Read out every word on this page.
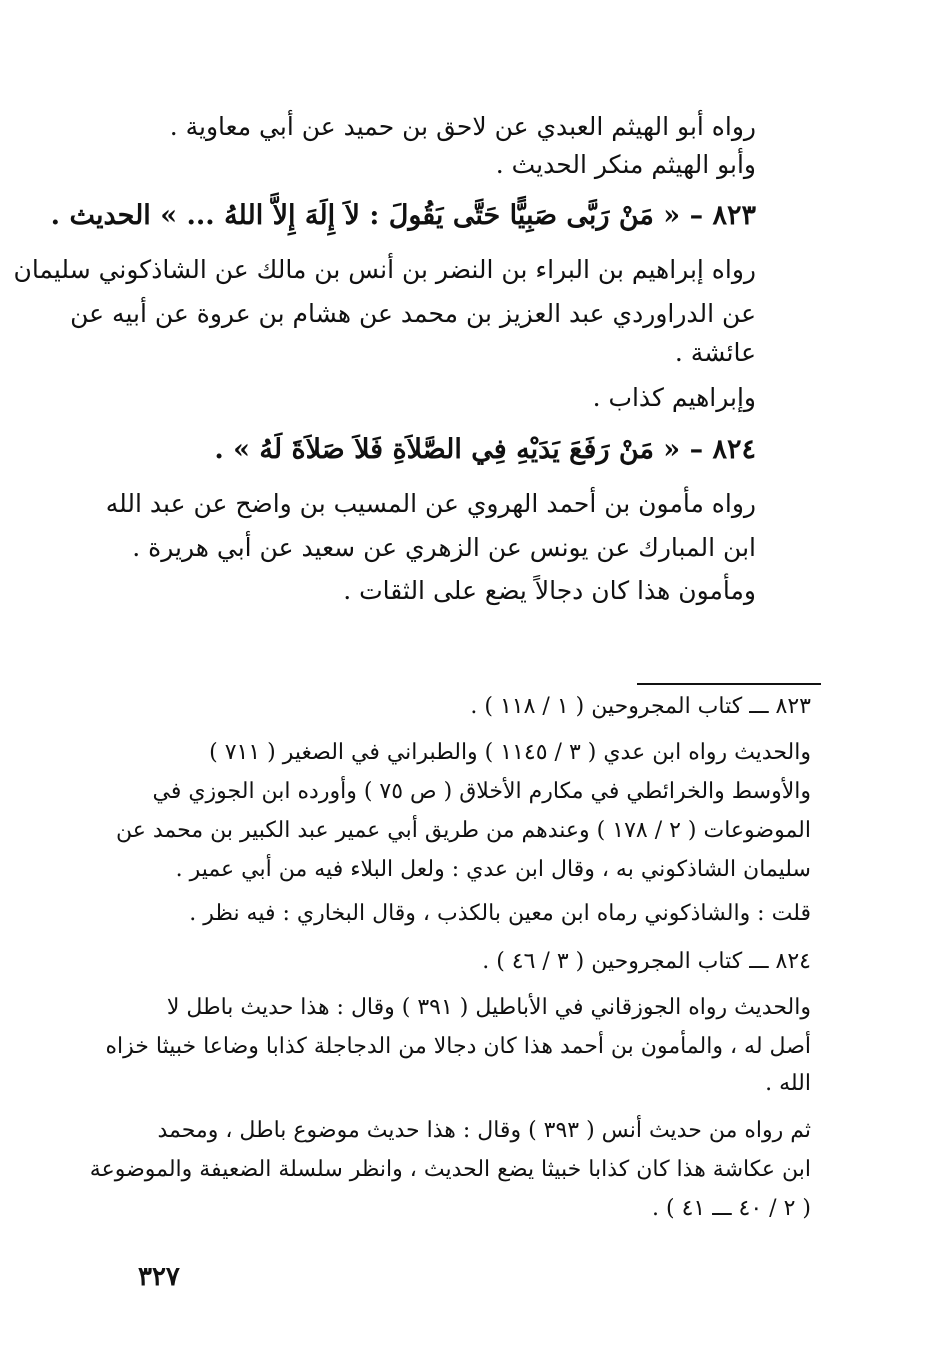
رواه أبو الهيثم العبدي عن لاحق بن حميد عن أبي معاوية .
وأبو الهيثم منكر الحديث .
٨٢٣ – « مَنْ رَبَّى صَبِيًّا حَتَّى يَقُولَ : لاَ إِلَهَ إِلاَّ اللهُ ... » الحديث .
رواه إبراهيم بن البراء بن النضر بن أنس بن مالك عن الشاذكوني سليمان
عن الدراوردي عبد العزيز بن محمد عن هشام بن عروة عن أبيه عن
عائشة .
وإبراهيم كذاب .
٨٢٤ – « مَنْ رَفَعَ يَدَيْهِ فِي الصَّلاَةِ فَلاَ صَلاَةَ لَهُ » .
رواه مأمون بن أحمد الهروي عن المسيب بن واضح عن عبد الله
ابن المبارك عن يونس عن الزهري عن سعيد عن أبي هريرة .
ومأمون هذا كان دجالاً يضع على الثقات .
٨٢٣ ـــ كتاب المجروحين ( ١ / ١١٨ ) .
والحديث رواه ابن عدي ( ٣ / ١١٤٥ ) والطبراني في الصغير ( ٧١١ )
والأوسط والخرائطي في مكارم الأخلاق ( ص ٧٥ ) وأورده ابن الجوزي في
الموضوعات ( ٢ / ١٧٨ ) وعندهم من طريق أبي عمير عبد الكبير بن محمد عن
سليمان الشاذكوني به ، وقال ابن عدي : ولعل البلاء فيه من أبي عمير .
قلت : والشاذكوني رماه ابن معين بالكذب ، وقال البخاري : فيه نظر .
٨٢٤ ـــ كتاب المجروحين ( ٣ / ٤٦ ) .
والحديث رواه الجوزقاني في الأباطيل ( ٣٩١ ) وقال : هذا حديث باطل لا
أصل له ، والمأمون بن أحمد هذا كان دجالا من الدجاجلة كذابا وضاعا خبيثا خزاه
الله .
ثم رواه من حديث أنس ( ٣٩٣ ) وقال : هذا حديث موضوع باطل ، ومحمد
ابن عكاشة هذا كان كذابا خبيثا يضع الحديث ، وانظر سلسلة الضعيفة والموضوعة
( ٢ / ٤٠ ـــ ٤١ ) .
٣٢٧
